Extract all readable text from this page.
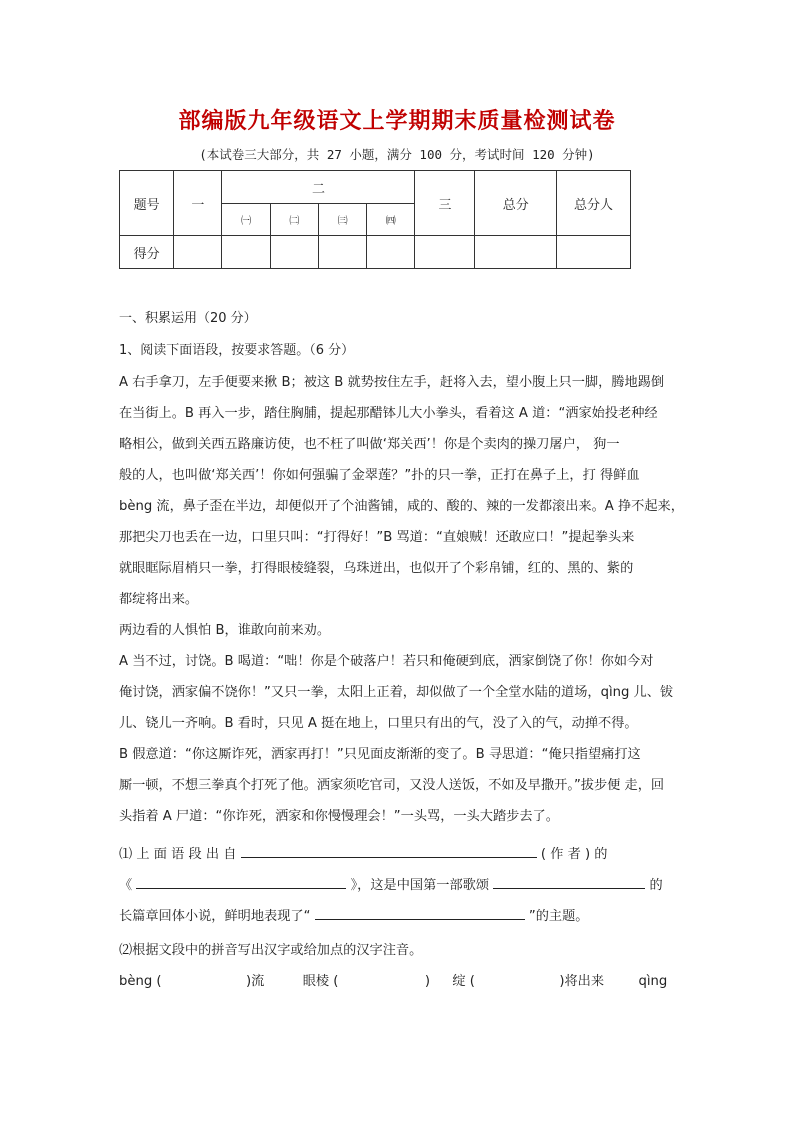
部编版九年级语文上学期期末质量检测试卷
(本试卷三大部分，共 27 小题，满分 100 分，考试时间 120 分钟)
题号	一	二				三	总分	总分人
		㈠	㈡	㈢	㈣			
得分								
一、积累运用（20 分）
1、阅读下面语段，按要求答题。（6 分）
A 右手拿刀，左手便要来揪 B；被这 B 就势按住左手，赶将入去，望小腹上只一脚，腾地踢倒
在当街上。B 再入一步，踏住胸脯，提起那醋钵儿大小拳头，看着这 A 道：“洒家始投老种经
略相公，做到关西五路廉访使，也不枉了叫做‘郑关西’！你是个卖肉的操刀屠户， 狗一
般的人，也叫做‘郑关西’！你如何强骗了金翠莲？”扑的只一拳，正打在鼻子上，打 得鲜血
bèng 流，鼻子歪在半边，却便似开了个油酱铺，咸的、酸的、辣的一发都滚出来。A 挣不起来，
那把尖刀也丢在一边，口里只叫：“打得好！”B 骂道：“直娘贼！还敢应口！”提起拳头来
就眼眶际眉梢只一拳，打得眼棱缝裂，乌珠迸出，也似开了个彩帛铺，红的、黑的、紫的
都绽将出来。
两边看的人惧怕 B，谁敢向前来劝。
A 当不过，讨饶。B 喝道：“咄！你是个破落户！若只和俺硬到底，洒家倒饶了你！你如今对
俺讨饶，洒家偏不饶你！”又只一拳，太阳上正着，却似做了一个全堂水陆的道场，qìng 儿、钹
儿、铙儿一齐响。B 看时，只见 A 挺在地上，口里只有出的气，没了入的气，动掸不得。
B 假意道：“你这厮诈死，洒家再打！”只见面皮渐渐的变了。B 寻思道：“俺只指望痛打这
厮一顿，不想三拳真个打死了他。洒家须吃官司，又没人送饭，不如及早撒开。”拔步便 走，回
头指着 A 尸道：“你诈死，洒家和你慢慢理会！”一头骂，一头大踏步去了。
⑴ 上 面 语 段 出 自	( 作 者 ) 的
《	》，这是中国第一部歌颂	的
长篇章回体小说，鲜明地表现了“	”的主题。
⑵根据文段中的拼音写出汉字或给加点的汉字注音。
bèng (	)流	眼棱 (	) 绽 (	)将出来	qìng
